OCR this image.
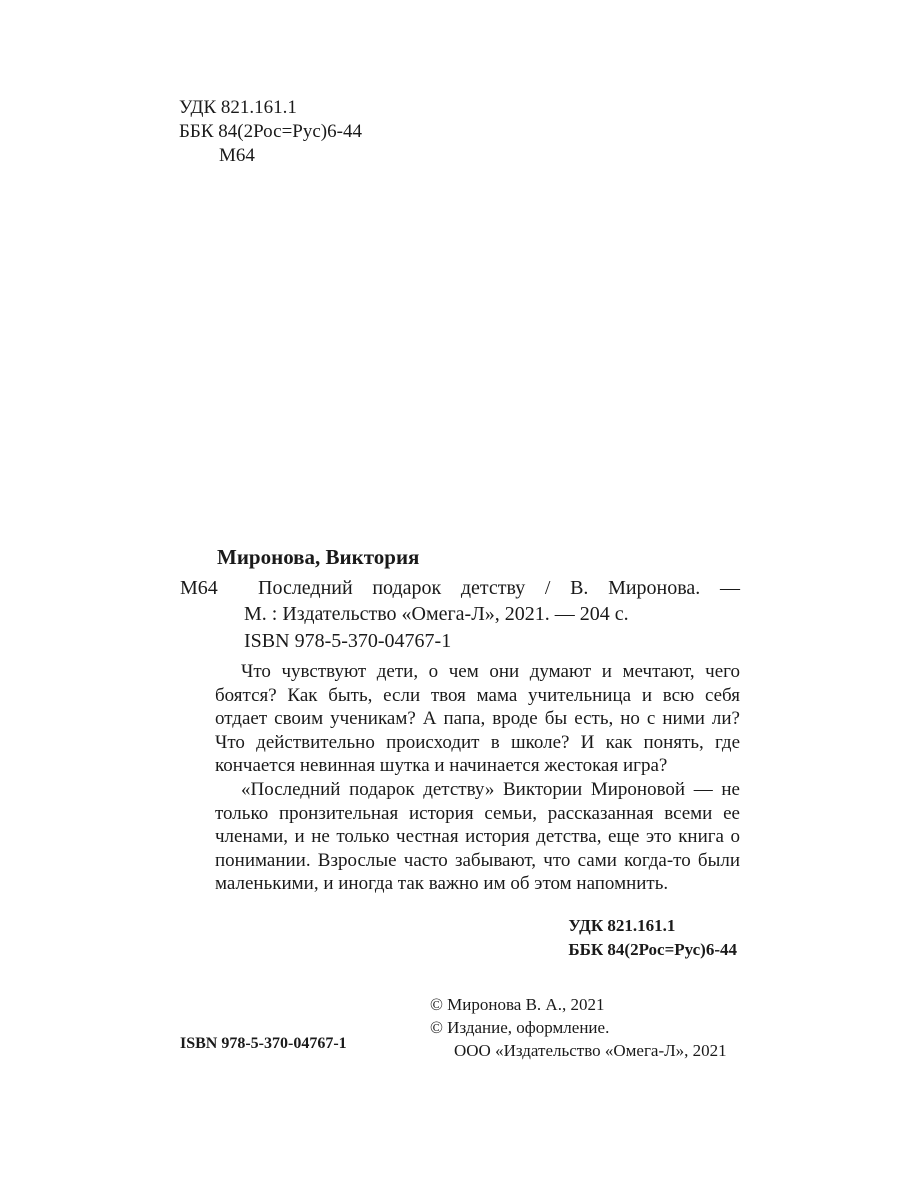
УДК 821.161.1
ББК 84(2Рос=Рус)6-44
М64
Миронова, Виктория
М64 Последний подарок детству / В. Миронова. —
М. : Издательство «Омега-Л», 2021. — 204 с.
ISBN 978-5-370-04767-1

Что чувствуют дети, о чем они думают и мечтают, чего боятся? Как быть, если твоя мама учительница и всю себя отдает своим ученикам? А папа, вроде бы есть, но с ними ли? Что действительно происходит в школе? И как понять, где кончается невинная шутка и начинается жестокая игра?

«Последний подарок детству» Виктории Мироновой — не только пронзительная история семьи, рассказанная всеми ее членами, и не только честная история детства, еще это книга о понимании. Взрослые часто забывают, что сами когда-то были маленькими, и иногда так важно им об этом напомнить.

УДК 821.161.1
ББК 84(2Рос=Рус)6-44
© Миронова В. А., 2021
© Издание, оформление.
ООО «Издательство «Омега-Л», 2021
ISBN 978-5-370-04767-1
